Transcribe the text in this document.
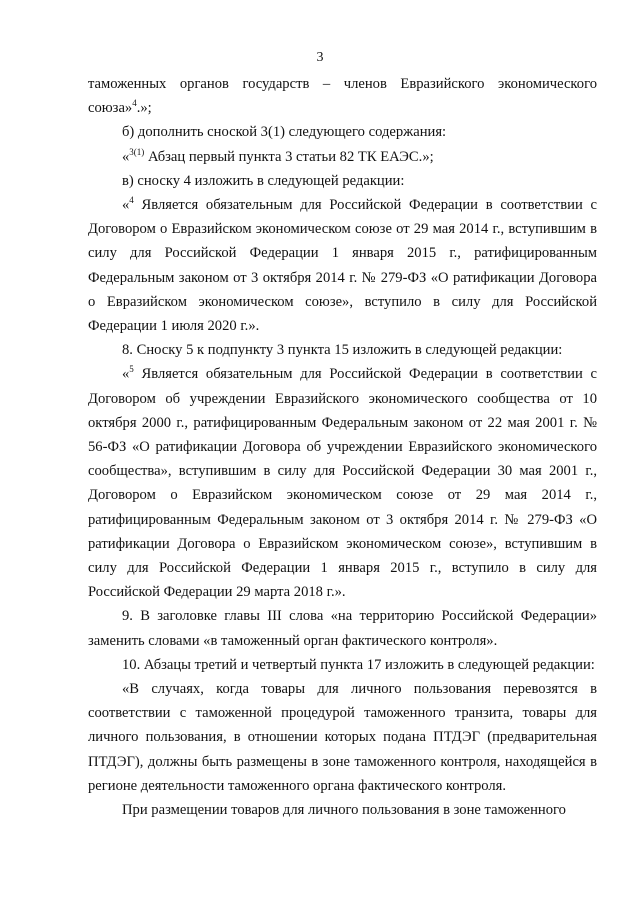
3

таможенных органов государств – членов Евразийского экономического союза»$^4$.»;

б) дополнить сноской 3(1) следующего содержания:

«$^{3(1)}$ Абзац первый пункта 3 статьи 82 ТК ЕАЭС.»;

в) сноску 4 изложить в следующей редакции:

«$^4$ Является обязательным для Российской Федерации в соответствии с Договором о Евразийском экономическом союзе от 29 мая 2014 г., вступившим в силу для Российской Федерации 1 января 2015 г., ратифицированным Федеральным законом от 3 октября 2014 г. № 279-ФЗ «О ратификации Договора о Евразийском экономическом союзе», вступило в силу для Российской Федерации 1 июля 2020 г.».

8. Сноску 5 к подпункту 3 пункта 15 изложить в следующей редакции:

«$^5$ Является обязательным для Российской Федерации в соответствии с Договором об учреждении Евразийского экономического сообщества от 10 октября 2000 г., ратифицированным Федеральным законом от 22 мая 2001 г. № 56-ФЗ «О ратификации Договора об учреждении Евразийского экономического сообщества», вступившим в силу для Российской Федерации 30 мая 2001 г., Договором о Евразийском экономическом союзе от 29 мая 2014 г., ратифицированным Федеральным законом от 3 октября 2014 г. № 279-ФЗ «О ратификации Договора о Евразийском экономическом союзе», вступившим в силу для Российской Федерации 1 января 2015 г., вступило в силу для Российской Федерации 29 марта 2018 г.».

9. В заголовке главы III слова «на территорию Российской Федерации» заменить словами «в таможенный орган фактического контроля».

10. Абзацы третий и четвертый пункта 17 изложить в следующей редакции:

«В случаях, когда товары для личного пользования перевозятся в соответствии с таможенной процедурой таможенного транзита, товары для личного пользования, в отношении которых подана ПТДЭГ (предварительная ПТДЭГ), должны быть размещены в зоне таможенного контроля, находящейся в регионе деятельности таможенного органа фактического контроля.

При размещении товаров для личного пользования в зоне таможенного
